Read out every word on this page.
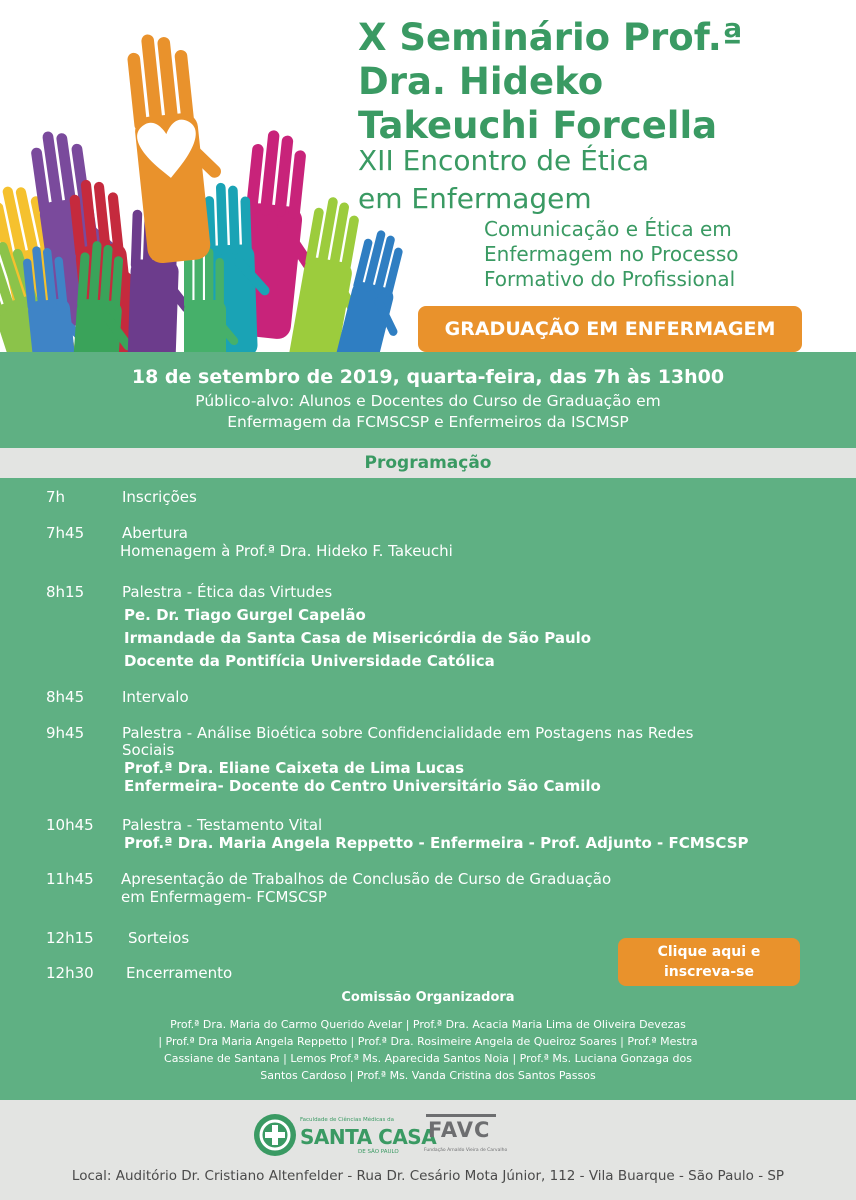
X Seminário Prof.ª
Dra. Hideko
Takeuchi Forcella
XII Encontro de Ética
em Enfermagem
Comunicação e Ética em
Enfermagem no Processo
Formativo do Profissional
GRADUAÇÃO EM ENFERMAGEM
18 de setembro de 2019, quarta-feira, das 7h às 13h00
Público-alvo: Alunos e Docentes do Curso de Graduação em
Enfermagem da FCMSCSP e Enfermeiros da ISCMSP
Programação
7h	Inscrições
7h45	Abertura
Homenagem à Prof.ª Dra. Hideko F. Takeuchi
8h15	Palestra - Ética das Virtudes
Pe. Dr. Tiago Gurgel Capelão
Irmandade da Santa Casa de Misericórdia de São Paulo
Docente da Pontifícia Universidade Católica
8h45	Intervalo
9h45	Palestra - Análise Bioética sobre Confidencialidade em Postagens nas Redes
Sociais
Prof.ª Dra. Eliane Caixeta de Lima Lucas
Enfermeira- Docente do Centro Universitário São Camilo
10h45 Palestra - Testamento Vital
Prof.ª Dra. Maria Angela Reppetto - Enfermeira - Prof. Adjunto - FCMSCSP
11h45 Apresentação de Trabalhos de Conclusão de Curso de Graduação
em Enfermagem- FCMSCSP
12h15 Sorteios
12h30 Encerramento
Clique aqui e
inscreva-se
Comissão Organizadora
Prof.ª Dra. Maria do Carmo Querido Avelar | Prof.ª Dra. Acacia Maria Lima de Oliveira Devezas
| Prof.ª Dra Maria Angela Reppetto | Prof.ª Dra. Rosimeire Angela de Queiroz Soares | Prof.ª Mestra
Cassiane de Santana | Lemos Prof.ª Ms. Aparecida Santos Noia | Prof.ª Ms. Luciana Gonzaga dos
Santos Cardoso | Prof.ª Ms. Vanda Cristina dos Santos Passos
Faculdade de Ciências Médicas da
SANTA CASA
DE SÃO PAULO
FAVC
Fundação Arnaldo Vieira de Carvalho
Local: Auditório Dr. Cristiano Altenfelder - Rua Dr. Cesário Mota Júnior, 112 - Vila Buarque - São Paulo - SP
